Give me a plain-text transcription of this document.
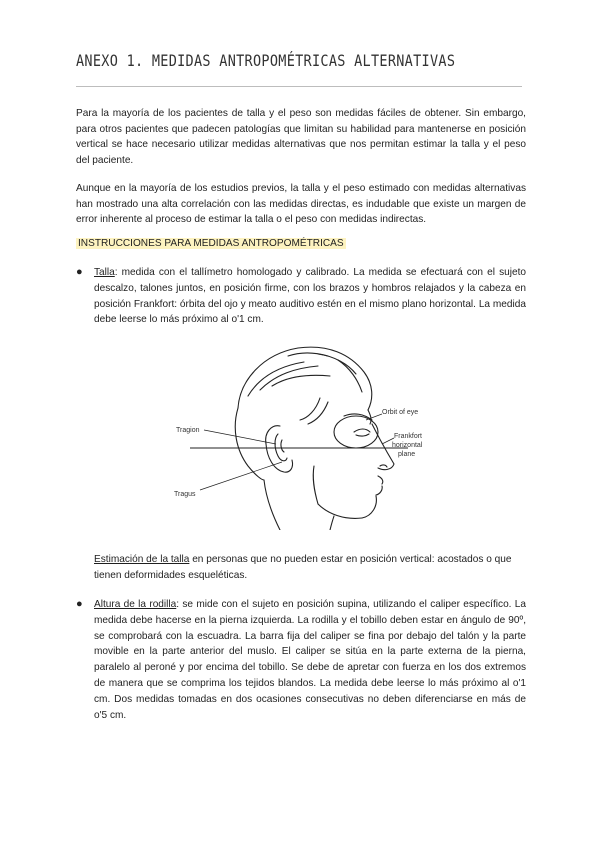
ANEXO 1. MEDIDAS ANTROPOMÉTRICAS ALTERNATIVAS
Para la mayoría de los pacientes de talla y el peso son medidas fáciles de obtener. Sin embargo, para otros pacientes que padecen patologías que limitan su habilidad para mantenerse en posición vertical se hace necesario utilizar medidas alternativas que nos permitan estimar la talla y el peso del paciente.
Aunque en la mayoría de los estudios previos, la talla y el peso estimado con medidas alternativas han mostrado una alta correlación con las medidas directas, es indudable que existe un margen de error inherente al proceso de estimar la talla o el peso con medidas indirectas.
INSTRUCCIONES PARA MEDIDAS ANTROPOMÉTRICAS
● Talla: medida con el tallímetro homologado y calibrado. La medida se efectuará con el sujeto descalzo, talones juntos, en posición firme, con los brazos y hombros relajados y la cabeza en posición Frankfort: órbita del ojo y meato auditivo estén en el mismo plano horizontal. La medida debe leerse lo más próximo al o'1 cm.
Tragion
Tragus
Orbit of eye
Frankfort
horizontal
plane
Estimación de la talla en personas que no pueden estar en posición vertical: acostados o que tienen deformidades esqueléticas.
● Altura de la rodilla: se mide con el sujeto en posición supina, utilizando el caliper específico. La medida debe hacerse en la pierna izquierda. La rodilla y el tobillo deben estar en ángulo de 90º, se comprobará con la escuadra. La barra fija del caliper se fina por debajo del talón y la parte movible en la parte anterior del muslo. El caliper se sitúa en la parte externa de la pierna, paralelo al peroné y por encima del tobillo. Se debe de apretar con fuerza en los dos extremos de manera que se comprima los tejidos blandos. La medida debe leerse lo más próximo al o'1 cm. Dos medidas tomadas en dos ocasiones consecutivas no deben diferenciarse en más de o'5 cm.
